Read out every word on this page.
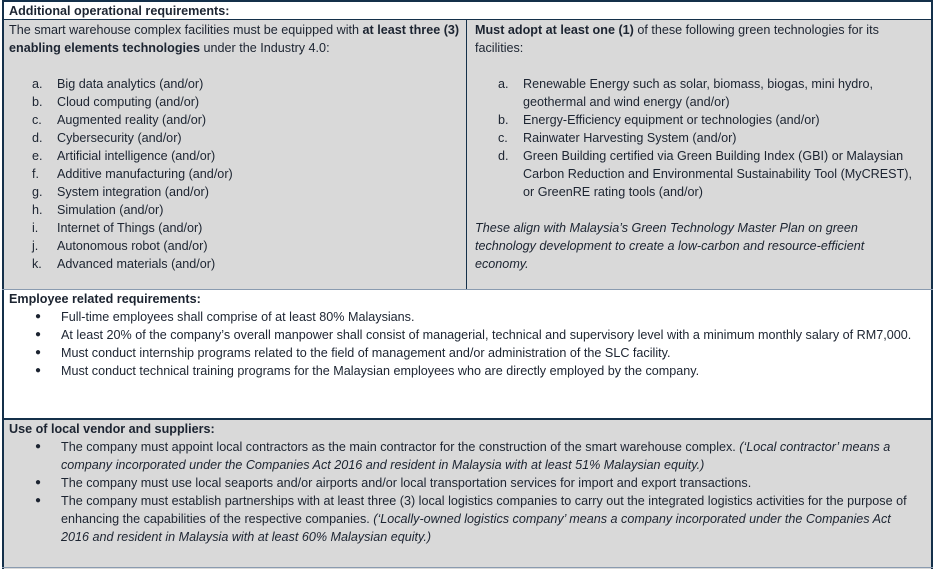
Additional operational requirements:
The smart warehouse complex facilities must be equipped with at least three (3) enabling elements technologies under the Industry 4.0:
a.	Big data analytics (and/or)
b.	Cloud computing (and/or)
c.	Augmented reality (and/or)
d.	Cybersecurity (and/or)
e.	Artificial intelligence (and/or)
f.	Additive manufacturing (and/or)
g.	System integration (and/or)
h.	Simulation (and/or)
i.	Internet of Things (and/or)
j.	Autonomous robot (and/or)
k.	Advanced materials (and/or)
Must adopt at least one (1) of these following green technologies for its facilities:
a.	Renewable Energy such as solar, biomass, biogas, mini hydro, geothermal and wind energy (and/or)
b.	Energy-Efficiency equipment or technologies (and/or)
c.	Rainwater Harvesting System (and/or)
d.	Green Building certified via Green Building Index (GBI) or Malaysian Carbon Reduction and Environmental Sustainability Tool (MyCREST), or GreenRE rating tools (and/or)
These align with Malaysia’s Green Technology Master Plan on green technology development to create a low-carbon and resource-efficient economy.
Employee related requirements:
●	Full-time employees shall comprise of at least 80% Malaysians.
●	At least 20% of the company’s overall manpower shall consist of managerial, technical and supervisory level with a minimum monthly salary of RM7,000.
●	Must conduct internship programs related to the field of management and/or administration of the SLC facility.
●	Must conduct technical training programs for the Malaysian employees who are directly employed by the company.
Use of local vendor and suppliers:
●	The company must appoint local contractors as the main contractor for the construction of the smart warehouse complex. (‘Local contractor’ means a company incorporated under the Companies Act 2016 and resident in Malaysia with at least 51% Malaysian equity.)
●	The company must use local seaports and/or airports and/or local transportation services for import and export transactions.
●	The company must establish partnerships with at least three (3) local logistics companies to carry out the integrated logistics activities for the purpose of enhancing the capabilities of the respective companies. (‘Locally-owned logistics company’ means a company incorporated under the Companies Act 2016 and resident in Malaysia with at least 60% Malaysian equity.)
